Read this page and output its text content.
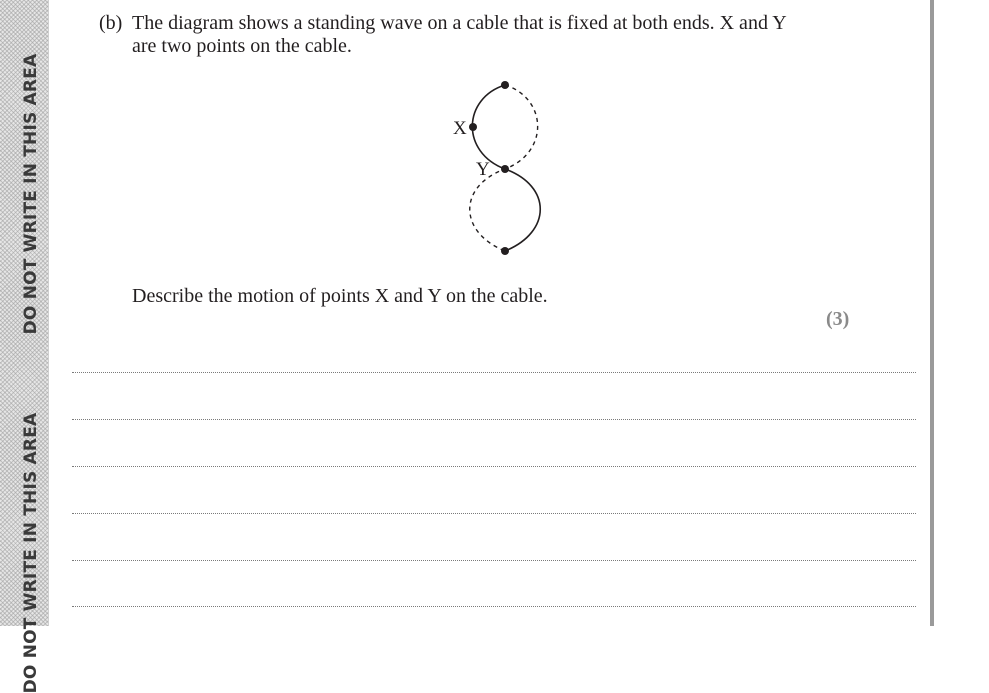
DO NOT WRITE IN THIS AREA
DO NOT WRITE IN THIS AREA
(b) The diagram shows a standing wave on a cable that is fixed at both ends. X and Y
are two points on the cable.
X
Y
Describe the motion of points X and Y on the cable.
(3)
